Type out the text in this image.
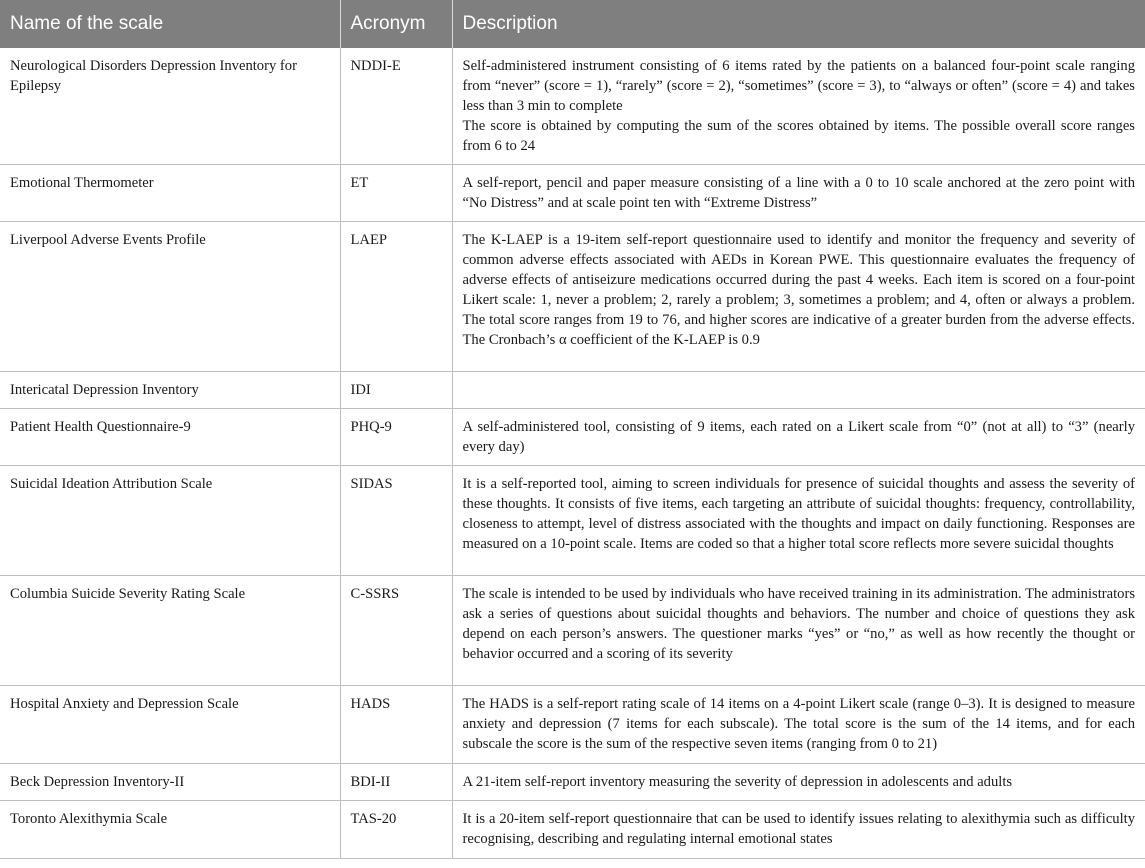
Name of the scale	Acronym	Description
Neurological Disorders Depression Inventory for Epilepsy	NDDI-E	Self-administered instrument consisting of 6 items rated by the patients on a balanced four-point scale ranging from “never” (score = 1), “rarely” (score = 2), “sometimes” (score = 3), to “always or often” (score = 4) and takes less than 3 min to complete
The score is obtained by computing the sum of the scores obtained by items. The possible overall score ranges from 6 to 24

Emotional Thermometer	ET	A self-report, pencil and paper measure consisting of a line with a 0 to 10 scale anchored at the zero point with “No Distress” and at scale point ten with “Extreme Distress”

Liverpool Adverse Events Profile	LAEP	The K-LAEP is a 19-item self-report questionnaire used to identify and monitor the frequency and severity of common adverse effects associated with AEDs in Korean PWE. This questionnaire evaluates the frequency of adverse effects of antiseizure medications occurred during the past 4 weeks. Each item is scored on a four-point Likert scale: 1, never a problem; 2, rarely a problem; 3, sometimes a problem; and 4, often or always a problem. The total score ranges from 19 to 76, and higher scores are indicative of a greater burden from the adverse effects. The Cronbach’s α coefficient of the K-LAEP is 0.9

Intericatal Depression Inventory	IDI	
Patient Health Questionnaire-9	PHQ-9	A self-administered tool, consisting of 9 items, each rated on a Likert scale from “0” (not at all) to “3” (nearly every day)

Suicidal Ideation Attribution Scale	SIDAS	It is a self-reported tool, aiming to screen individuals for presence of suicidal thoughts and assess the severity of these thoughts. It consists of five items, each targeting an attribute of suicidal thoughts: frequency, controllability, closeness to attempt, level of distress associated with the thoughts and impact on daily functioning. Responses are measured on a 10-point scale. Items are coded so that a higher total score reflects more severe suicidal thoughts

Columbia Suicide Severity Rating Scale	C-SSRS	The scale is intended to be used by individuals who have received training in its administration. The administrators ask a series of questions about suicidal thoughts and behaviors. The number and choice of questions they ask depend on each person’s answers. The questioner marks “yes” or “no,” as well as how recently the thought or behavior occurred and a scoring of its severity

Hospital Anxiety and Depression Scale	HADS	The HADS is a self-report rating scale of 14 items on a 4-point Likert scale (range 0–3). It is designed to measure anxiety and depression (7 items for each subscale). The total score is the sum of the 14 items, and for each subscale the score is the sum of the respective seven items (ranging from 0 to 21)

Beck Depression Inventory-II	BDI-II	A 21-item self-report inventory measuring the severity of depression in adolescents and adults

Toronto Alexithymia Scale	TAS-20	It is a 20-item self-report questionnaire that can be used to identify issues relating to alexithymia such as difficulty recognising, describing and regulating internal emotional states
